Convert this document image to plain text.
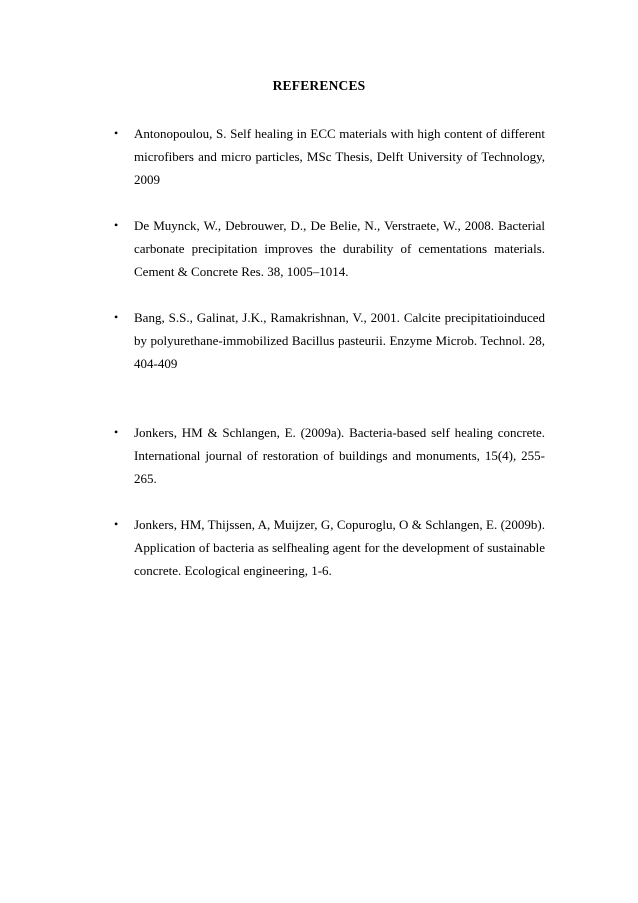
REFERENCES
• Antonopoulou, S. Self healing in ECC materials with high content of different microfibers and micro particles, MSc Thesis, Delft University of Technology, 2009
• De Muynck, W., Debrouwer, D., De Belie, N., Verstraete, W., 2008. Bacterial carbonate precipitation improves the durability of cementations materials. Cement & Concrete Res. 38, 1005–1014.
• Bang, S.S., Galinat, J.K., Ramakrishnan, V., 2001. Calcite precipitatioinduced by polyurethane-immobilized Bacillus pasteurii. Enzyme Microb. Technol. 28, 404-409
• Jonkers, HM & Schlangen, E. (2009a). Bacteria-based self healing concrete. International journal of restoration of buildings and monuments, 15(4), 255-265.
• Jonkers, HM, Thijssen, A, Muijzer, G, Copuroglu, O & Schlangen, E. (2009b). Application of bacteria as selfhealing agent for the development of sustainable concrete. Ecological engineering, 1-6.
